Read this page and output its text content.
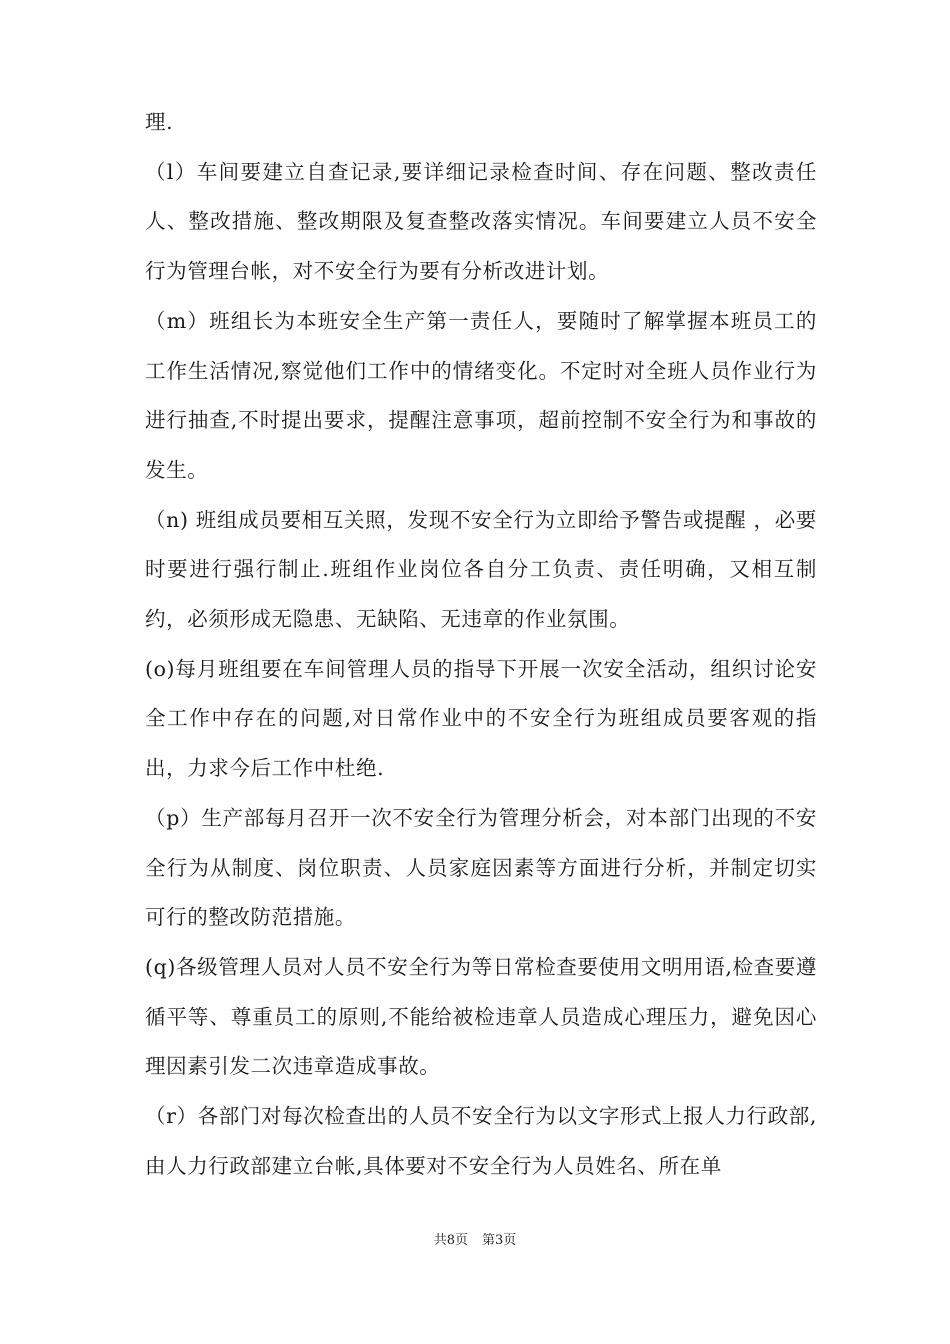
理.

（l）车间要建立自查记录,要详细记录检查时间、存在问题、整改责任人、整改措施、整改期限及复查整改落实情况。车间要建立人员不安全行为管理台帐，对不安全行为要有分析改进计划。

（m）班组长为本班安全生产第一责任人，要随时了解掌握本班员工的工作生活情况,察觉他们工作中的情绪变化。不定时对全班人员作业行为进行抽查,不时提出要求，提醒注意事项，超前控制不安全行为和事故的发生。

（n) 班组成员要相互关照，发现不安全行为立即给予警告或提醒 ，必要时要进行强行制止.班组作业岗位各自分工负责、责任明确，又相互制约，必须形成无隐患、无缺陷、无违章的作业氛围。

(o)每月班组要在车间管理人员的指导下开展一次安全活动，组织讨论安全工作中存在的问题,对日常作业中的不安全行为班组成员要客观的指出，力求今后工作中杜绝.

（p）生产部每月召开一次不安全行为管理分析会，对本部门出现的不安全行为从制度、岗位职责、人员家庭因素等方面进行分析，并制定切实可行的整改防范措施。

(q)各级管理人员对人员不安全行为等日常检查要使用文明用语,检查要遵循平等、尊重员工的原则,不能给被检违章人员造成心理压力，避免因心理因素引发二次违章造成事故。

（r）各部门对每次检查出的人员不安全行为以文字形式上报人力行政部,由人力行政部建立台帐,具体要对不安全行为人员姓名、所在单

共8页 第3页
